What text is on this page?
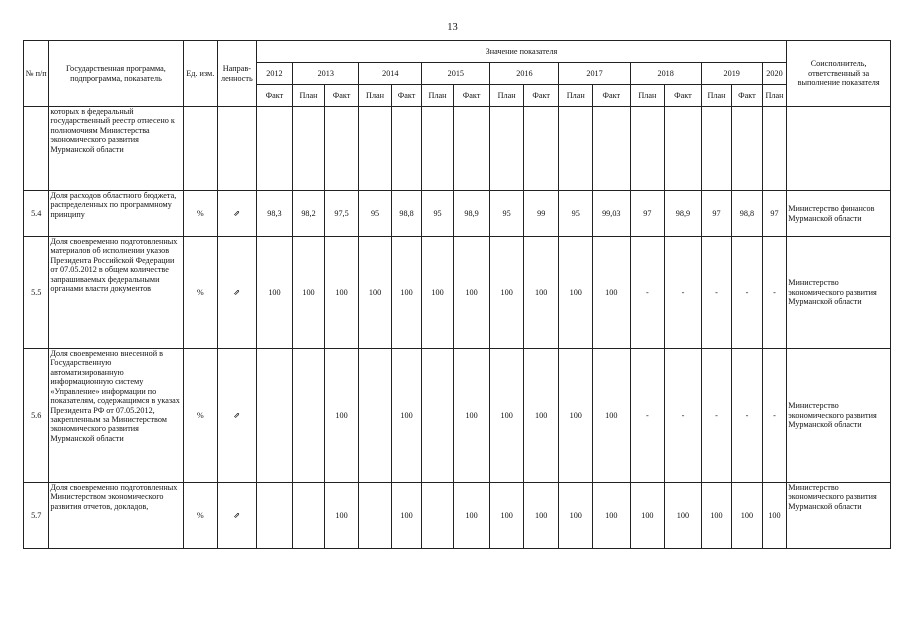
13
№ п/п	Государственная программа, подпрограмма, показатель	Ед. изм.	Направ- ленность	Значение показателя																Соисполнитель, ответственный за выполнение показателя
				2012	2013		2014		2015		2016		2017		2018		2019		2020	
				Факт	План	Факт	План	Факт	План	Факт	План	Факт	План	Факт	План	Факт	План	Факт	План	
	которых в федеральный государственный реестр отнесено к полномочиям Министерства экономического развития Мурманской области																			
5.4	Доля расходов областного бюджета, распределенных по программному принципу	%	⇗	98,3	98,2	97,5	95	98,8	95	98,9	95	99	95	99,03	97	98,9	97	98,8	97	Министерство финансов Мурманской области
5.5	Доля своевременно подготовленных материалов об исполнении указов Президента Российской Федерации от 07.05.2012 в общем количестве запрашиваемых федеральными органами власти документов	%	⇗	100	100	100	100	100	100	100	100	100	100	100	-	-	-	-	-	Министерство экономического развития Мурманской области
5.6	Доля своевременно внесенной в Государственную автоматизированную информационную систему «Управление» информации по показателям, содержащимся в указах Президента РФ от 07.05.2012, закрепленным за Министерством экономического развития Мурманской области	%	⇗			100		100		100	100	100	100	100	-	-	-	-	-	Министерство экономического развития Мурманской области
5.7	Доля своевременно подготовленных Министерством экономического развития отчетов, докладов,	%	⇗			100		100		100	100	100	100	100	100	100	100	100	100	Министерство экономического развития Мурманской области
